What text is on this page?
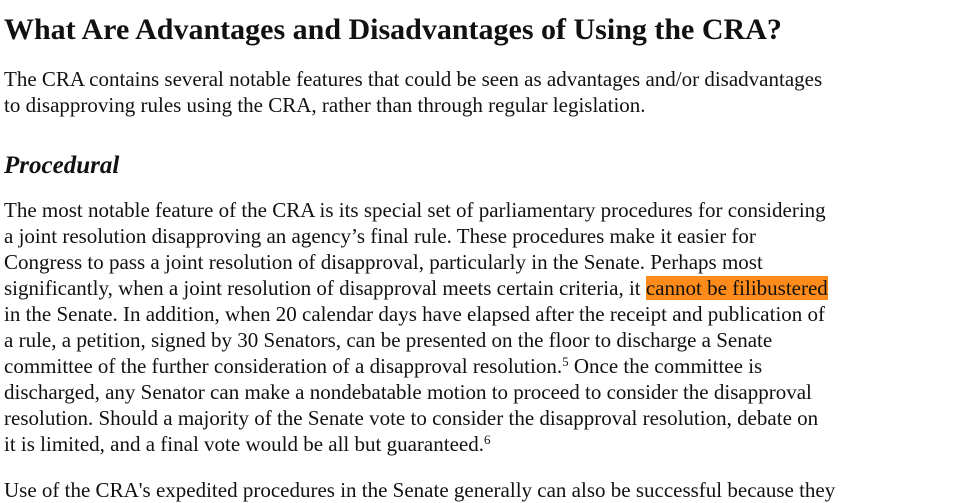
What Are Advantages and Disadvantages of Using the CRA?

The CRA contains several notable features that could be seen as advantages and/or disadvantages
to disapproving rules using the CRA, rather than through regular legislation.

Procedural

The most notable feature of the CRA is its special set of parliamentary procedures for considering
a joint resolution disapproving an agency’s final rule. These procedures make it easier for
Congress to pass a joint resolution of disapproval, particularly in the Senate. Perhaps most
significantly, when a joint resolution of disapproval meets certain criteria, it cannot be filibustered
in the Senate. In addition, when 20 calendar days have elapsed after the receipt and publication of
a rule, a petition, signed by 30 Senators, can be presented on the floor to discharge a Senate
committee of the further consideration of a disapproval resolution.$^5$ Once the committee is
discharged, any Senator can make a nondebatable motion to proceed to consider the disapproval
resolution. Should a majority of the Senate vote to consider the disapproval resolution, debate on
it is limited, and a final vote would be all but guaranteed.$^6$

Use of the CRA's expedited procedures in the Senate generally can also be successful because they
